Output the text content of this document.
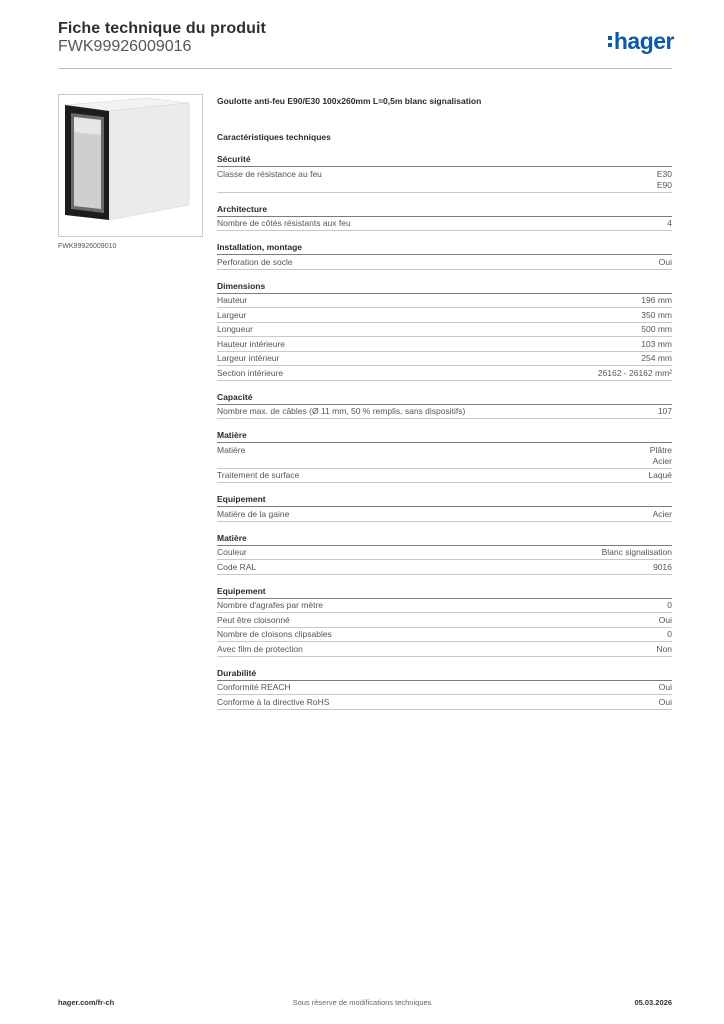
Fiche technique du produit
FWK99926009016	hager
FWK99926009010
Goulotte anti-feu E90/E30 100x260mm L=0,5m blanc signalisation
Caractéristiques techniques
Sécurité
Classe de résistance au feu	E30
E90
Architecture
Nombre de côtés résistants aux feu	4
Installation, montage
Perforation de socle	Oui
Dimensions
Hauteur	196 mm
Largeur	350 mm
Longueur	500 mm
Hauteur intérieure	103 mm
Largeur intérieur	254 mm
Section intérieure	26162 - 26162 mm²
Capacité
Nombre max. de câbles (Ø 11 mm, 50 % remplis, sans dispositifs)	107
Matière
Matière	Plâtre
Acier
Traitement de surface	Laqué
Equipement
Matière de la gaine	Acier
Matière
Couleur	Blanc signalisation
Code RAL	9016
Equipement
Nombre d'agrafes par mètre	0
Peut être cloisonné	Oui
Nombre de cloisons clipsables	0
Avec film de protection	Non
Durabilité
Conformité REACH	Oui
Conforme à la directive RoHS	Oui
hager.com/fr-ch	Sous réserve de modifications techniques	05.03.2026
